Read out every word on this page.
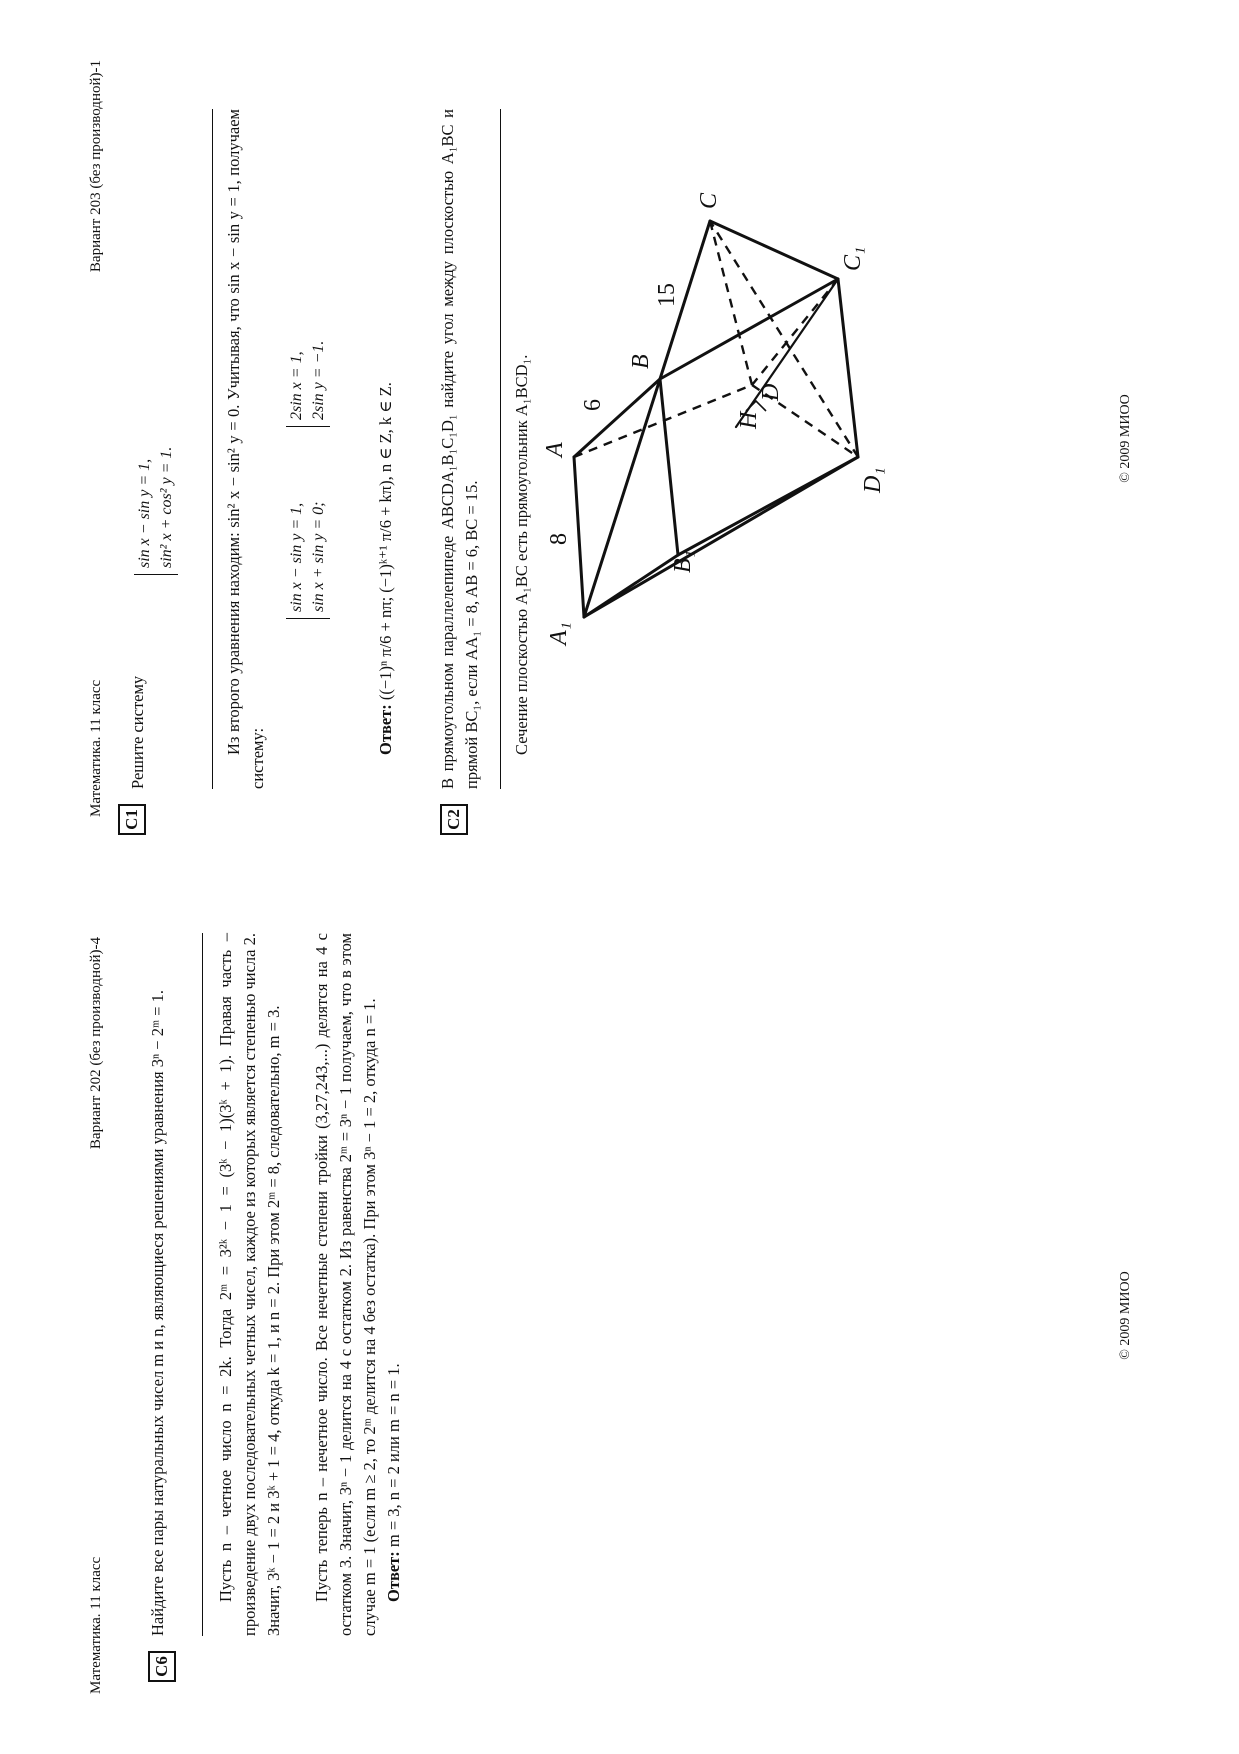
Математика. 11 класс
Вариант 202 (без производной)-4
С6
Найдите все пары натуральных чисел m и n, являющиеся решениями уравнения 3ⁿ − 2ᵐ = 1.	Пусть n – четное число n = 2k. Тогда 2ᵐ = 3²ᵏ − 1 = (3ᵏ − 1)(3ᵏ + 1). Правая часть – произведение двух последовательных четных чисел, каждое из которых является степенью числа 2. Значит, 3ᵏ − 1 = 2 и 3ᵏ + 1 = 4, откуда k = 1, и n = 2. При этом 2ᵐ = 8, следовательно, m = 3. Пусть теперь n – нечетное число. Все нечетные степени тройки (3,27,243,...) делятся на 4 с остатком 3. Значит, 3ⁿ − 1 делится на 4 с остатком 2. Из равенства 2ᵐ = 3ⁿ − 1 получаем, что в этом случае m = 1 (если m ≥ 2, то 2ᵐ делится на 4 без остатка). При этом 3ⁿ − 1 = 2, откуда n = 1. Ответ: m = 3, n = 2 или m = n = 1.
© 2009 МИОО
Математика. 11 класс
Вариант 203 (без производной)-1
С1
Решите систему
sin x − sin y = 1, sin² x + cos² y = 1.	Из второго уравнения находим: sin² x − sin² y = 0. Учитывая, что sin x − sin y = 1, получаем систему:
sin x − sin y = 1, sin x + sin y = 0;
2sin x = 1, 2sin y = −1.
Ответ: ((−1)ⁿ π/6 + nπ; (−1)ᵏ⁺¹ π/6 + kπ), n ∈ Z, k ∈ Z.
С2
В прямоугольном параллелепипеде ABCDA₁B₁C₁D₁ найдите угол между плоскостью A₁BC и прямой BC₁, если AA₁ = 8, AB = 6, BC = 15. Сечение плоскостью A₁BC есть прямоугольник A₁BCD₁. A₁
A
B₁
B
C
C₁
D
D₁
H
8
6
15
© 2009 МИОО
